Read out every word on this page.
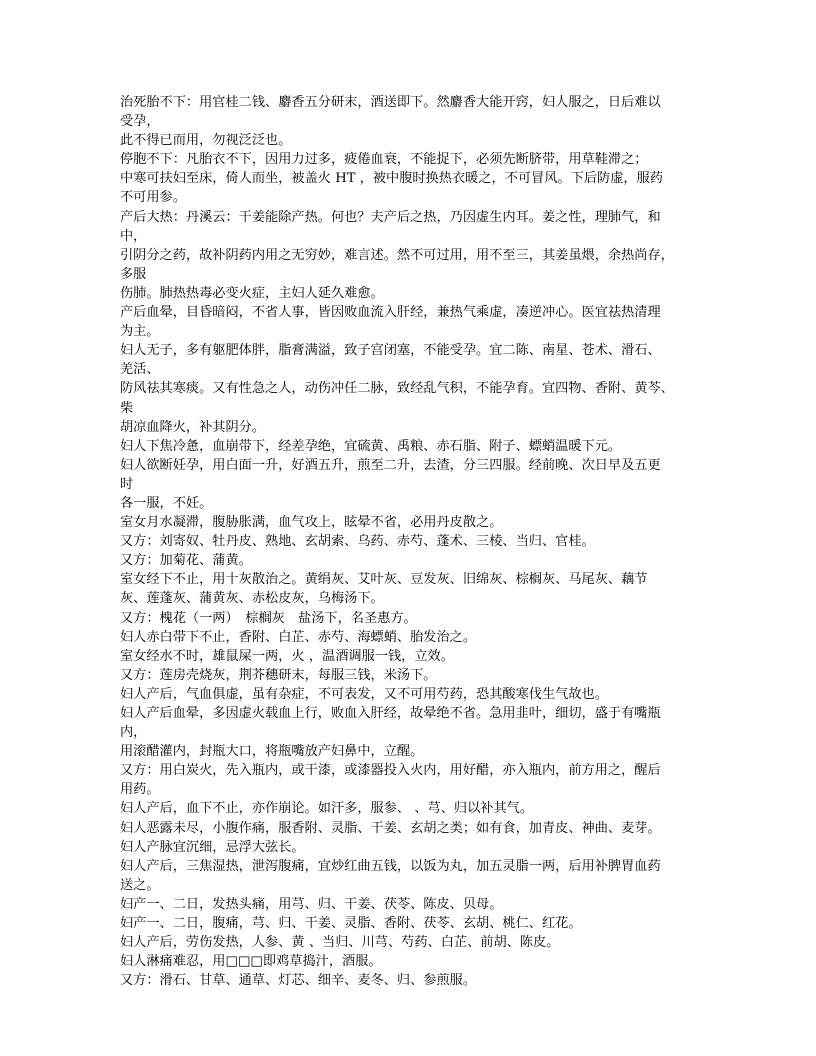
治死胎不下：用官桂二钱、麝香五分研末，酒送即下。然麝香大能开窍，妇人服之，日后难以
受孕，
此不得已而用，勿视泛泛也。
停胞不下：凡胎衣不下，因用力过多，疲倦血衰，不能捉下，必须先断脐带，用草鞋滞之；
中寒可扶妇至床，倚人而坐，被盖火 HT ，被中腹时换热衣暖之，不可冒风。下后防虚，服药
不可用参。
产后大热：丹溪云：干姜能除产热。何也？夫产后之热，乃因虚生内耳。姜之性，理肺气，和
中，
引阴分之药，故补阴药内用之无穷妙，难言述。然不可过用，用不至三，其姜虽煨，余热尚存，
多服
伤肺。肺热热毒必变火症，主妇人延久难愈。
产后血晕，目昏暗闷，不省人事，皆因败血流入肝经，兼热气乘虚，凑逆冲心。医宜祛热清理
为主。
妇人无子，多有躯肥体胖，脂膏满溢，致子宫闭塞，不能受孕。宜二陈、南星、苍术、滑石、
羌活、
防风祛其寒痰。又有性急之人，动伤冲任二脉，致经乱气积，不能孕育。宜四物、香附、黄芩、
柴
胡凉血降火，补其阴分。
妇人下焦冷惫，血崩带下，经差孕绝，宜硫黄、禹粮、赤石脂、附子、螵蛸温暖下元。
妇人欲断妊孕，用白面一升，好酒五升，煎至二升，去渣，分三四服。经前晚、次日早及五更
时
各一服，不妊。
室女月水凝滞，腹胁胀满，血气攻上，眩晕不省，必用丹皮散之。
又方：刘寄奴、牡丹皮、熟地、玄胡索、乌药、赤芍、蓬术、三棱、当归、官桂。
又方：加菊花、蒲黄。
室女经下不止，用十灰散治之。黄绢灰、艾叶灰、豆发灰、旧绵灰、棕榈灰、马尾灰、藕节
灰、莲蓬灰、蒲黄灰、赤松皮灰，乌梅汤下。
又方：槐花（一两）　棕榈灰　盐汤下，名圣惠方。
妇人赤白带下不止，香附、白芷、赤芍、海螵蛸、胎发治之。
室女经水不时，雄鼠屎一两，火 ，温酒调服一钱，立效。
又方：莲房壳烧灰，荆芥穗研末，每服三钱，米汤下。
妇人产后，气血俱虚，虽有杂症，不可表发，又不可用芍药，恐其酸寒伐生气故也。
妇人产后血晕，多因虚火载血上行，败血入肝经，故晕绝不省。急用韭叶，细切，盛于有嘴瓶
内，
用滚醋灌内，封瓶大口，将瓶嘴放产妇鼻中，立醒。
又方：用白炭火，先入瓶内，或干漆，或漆器投入火内，用好醋，亦入瓶内，前方用之，醒后
用药。
妇人产后，血下不止，亦作崩论。如汗多，服参、 、芎、归以补其气。
妇人恶露未尽，小腹作痛，服香附、灵脂、干姜、玄胡之类；如有食，加青皮、神曲、麦芽。
妇人产脉宜沉细，忌浮大弦长。
妇人产后，三焦湿热，泄泻腹痛，宜炒红曲五钱，以饭为丸，加五灵脂一两，后用补脾胃血药
送之。
妇产一、二日，发热头痛，用芎、归、干姜、茯苓、陈皮、贝母。
妇产一、二日，腹痛，芎、归、干姜、灵脂、香附、茯苓、玄胡、桃仁、红花。
妇人产后，劳伤发热，人参、黄 、当归、川芎、芍药、白芷、前胡、陈皮。
妇人淋痛难忍，用□□□即鸡草捣汁，酒服。
又方：滑石、甘草、通草、灯芯、细辛、麦冬、归、参煎服。
